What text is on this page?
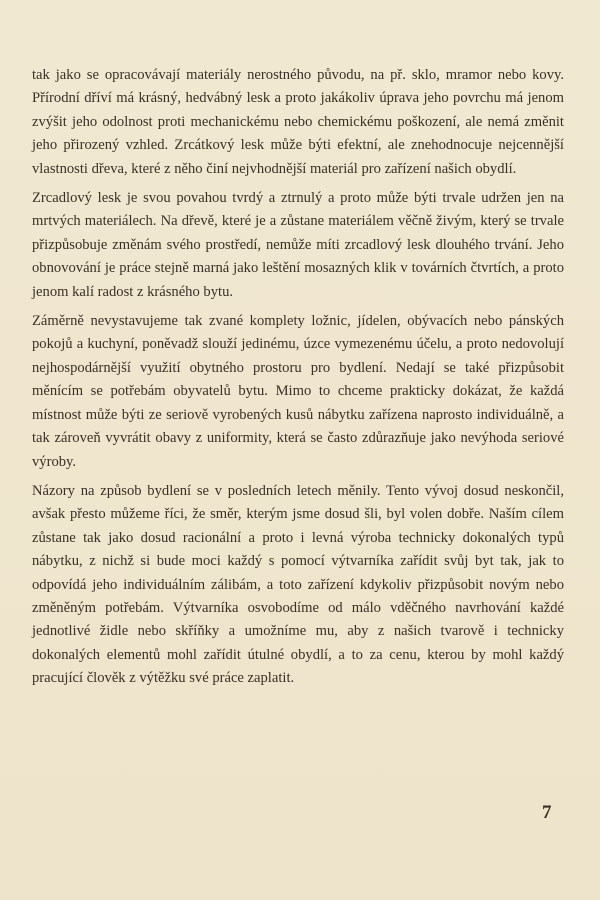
tak jako se opracovávají materiály nerostného původu, na př. sklo, mramor nebo kovy. Přírodní dříví má krásný, hedvábný lesk a proto jakákoliv úprava jeho povrchu má jenom zvýšit jeho odolnost proti mechanickému nebo chemickému poškození, ale nemá změnit jeho přirozený vzhled. Zrcátkový lesk může býti efektní, ale znehodnocuje nejcennější vlastnosti dřeva, které z něho činí nejvhodnější materiál pro zařízení našich obydlí.

Zrcadlový lesk je svou povahou tvrdý a ztrnulý a proto může býti trvale udržen jen na mrtvých materiálech. Na dřevě, které je a zůstane materiálem věčně živým, který se trvale přizpůsobuje změnám svého prostředí, nemůže míti zrcadlový lesk dlouhého trvání. Jeho obnovování je práce stejně marná jako leštění mosazných klik v továrních čtvrtích, a proto jenom kalí radost z krásného bytu.

Záměrně nevystavujeme tak zvané komplety ložnic, jídelen, obývacích nebo pánských pokojů a kuchyní, poněvadž slouží jedinému, úzce vymezenému účelu, a proto nedovolují nejhospodárnější využití obytného prostoru pro bydlení. Nedají se také přizpůsobit měnícím se potřebám obyvatelů bytu. Mimo to chceme prakticky dokázat, že každá místnost může býti ze seriově vyrobených kusů nábytku zařízena naprosto individuálně, a tak zároveň vyvrátit obavy z uniformity, která se často zdůrazňuje jako nevýhoda seriové výroby.

Názory na způsob bydlení se v posledních letech měnily. Tento vývoj dosud neskončil, avšak přesto můžeme říci, že směr, kterým jsme dosud šli, byl volen dobře. Naším cílem zůstane tak jako dosud racionální a proto i levná výroba technicky dokonalých typů nábytku, z nichž si bude moci každý s pomocí výtvarníka zařídit svůj byt tak, jak to odpovídá jeho individuálním zálibám, a toto zařízení kdykoliv přizpůsobit novým nebo změněným potřebám. Výtvarníka osvobodíme od málo vděčného navrhování každé jednotlivé židle nebo skříňky a umožníme mu, aby z našich tvarově i technicky dokonalých elementů mohl zařídit útulné obydlí, a to za cenu, kterou by mohl každý pracující člověk z výtěžku své práce zaplatit.

7
